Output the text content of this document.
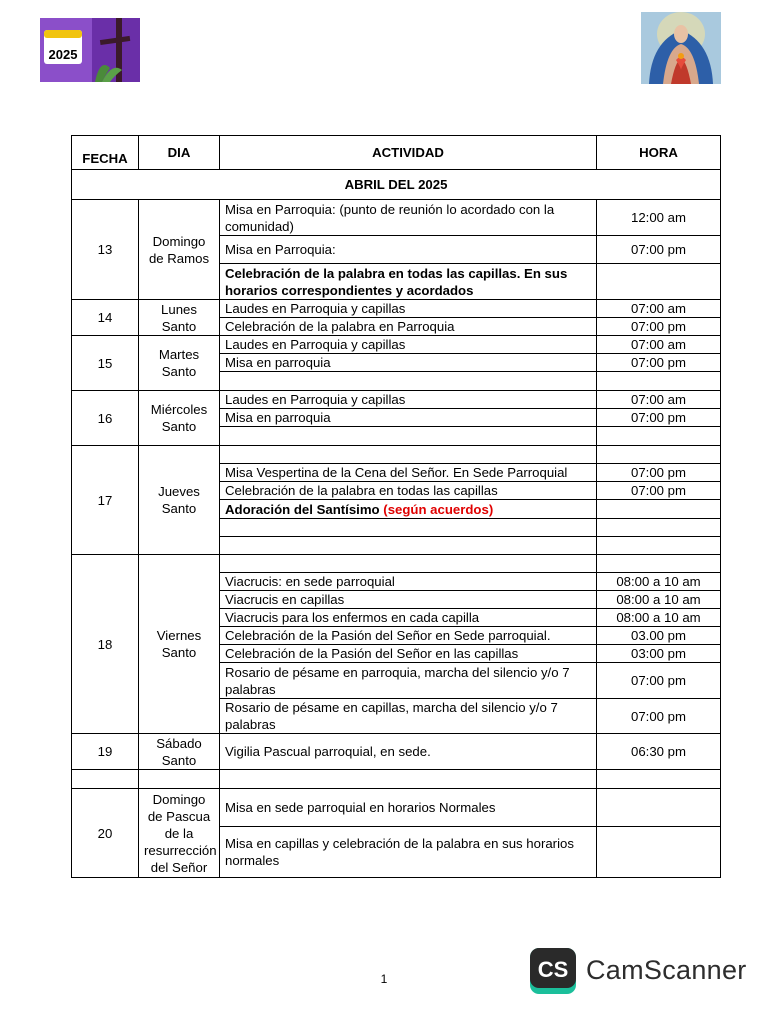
2025
FECHA	DIA	ACTIVIDAD	HORA
ABRIL DEL 2025			
13	Domingo de Ramos	Misa en Parroquia: (punto de reunión lo acordado con la comunidad)	12:00 am
		Misa en Parroquia:	07:00 pm
		Celebración de la palabra en todas las capillas. En sus horarios correspondientes y acordados	
14	Lunes Santo	Laudes en Parroquia y capillas	07:00 am
		Celebración de la palabra en Parroquia	07:00 pm
15	Martes Santo	Laudes en Parroquia y capillas	07:00 am
		Misa en parroquia	07:00 pm

16	Miércoles Santo	Laudes en Parroquia y capillas	07:00 am
		Misa en parroquia	07:00 pm

17	Jueves Santo		
		Misa Vespertina de la Cena del Señor. En Sede Parroquial	07:00 pm
		Celebración de la palabra en todas las capillas	07:00 pm
		Adoración del Santísimo (según acuerdos)	

18	Viernes Santo		
		Viacrucis: en sede parroquial	08:00 a 10 am
		Viacrucis en capillas	08:00 a 10 am
		Viacrucis para los enfermos en cada capilla	08:00 a 10 am
		Celebración de la Pasión del Señor en Sede parroquial.	03.00 pm
		Celebración de la Pasión del Señor en las capillas	03:00 pm
		Rosario de pésame en parroquia, marcha del silencio y/o 7 palabras	07:00 pm
		Rosario de pésame en capillas, marcha del silencio y/o 7 palabras	07:00 pm
19	Sábado Santo	Vigilia Pascual parroquial, en sede.	06:30 pm

20	Domingo de Pascua de la resurrección del Señor	Misa en sede parroquial en horarios Normales	
		Misa en capillas y celebración de la palabra en sus horarios normales	
1	CS CamScanner
